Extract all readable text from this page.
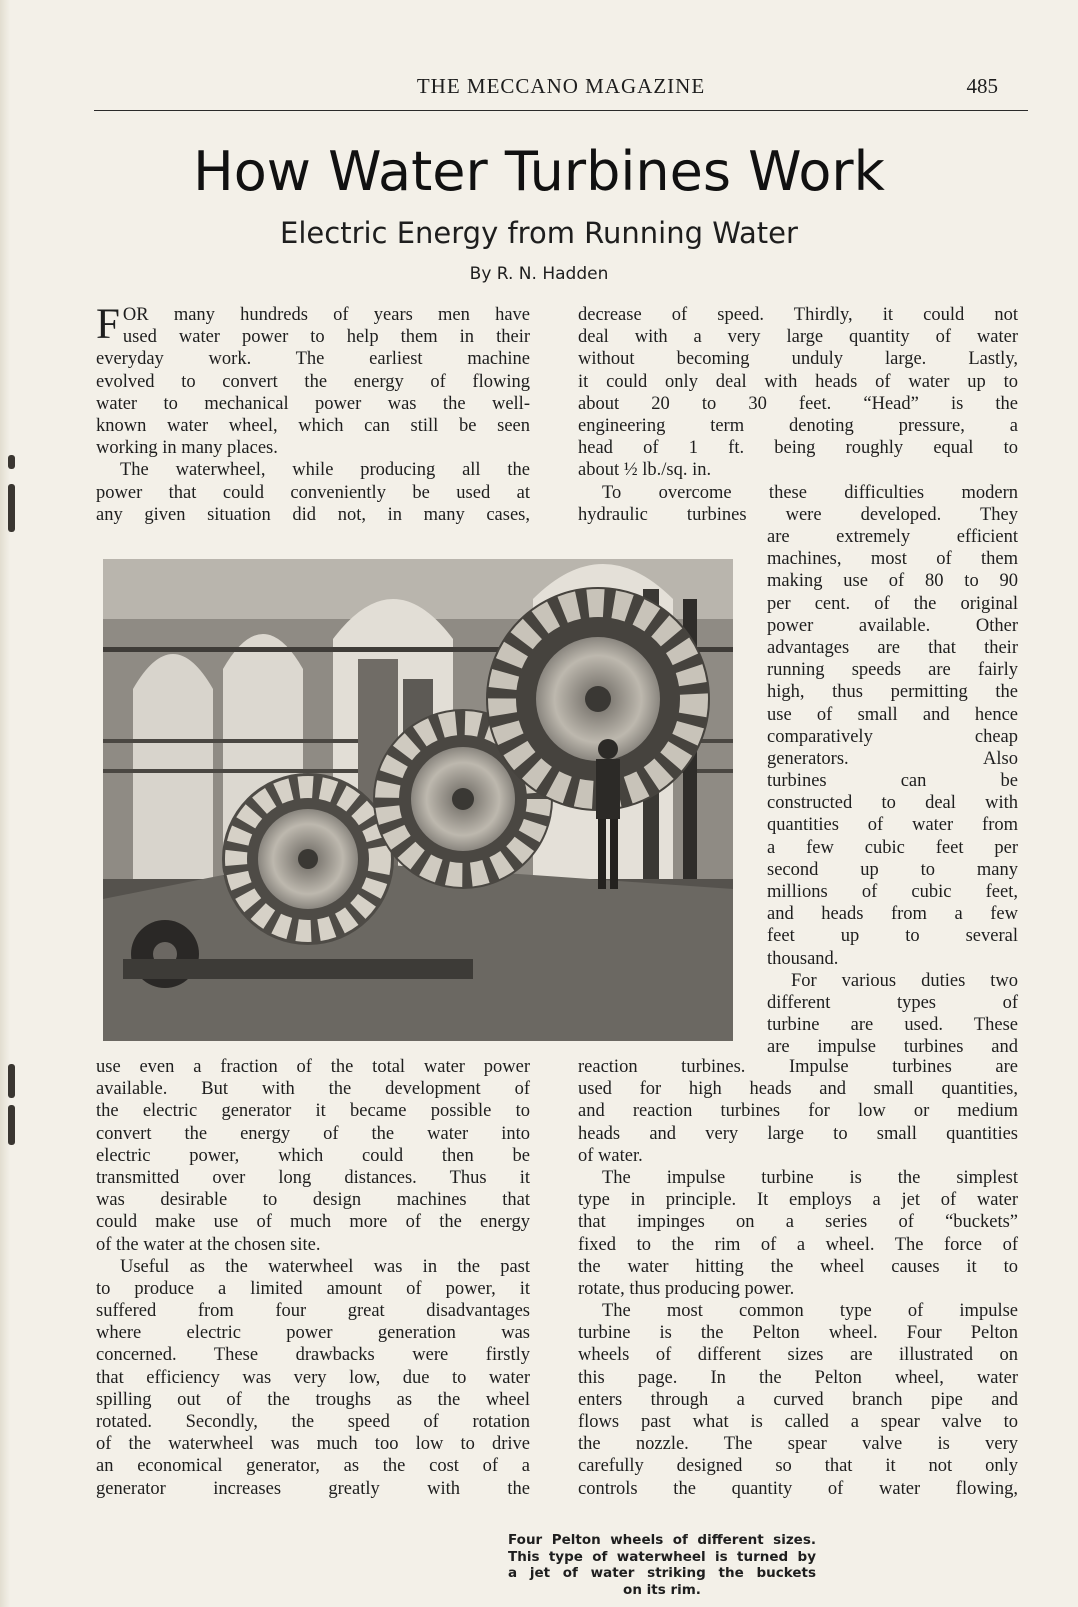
THE MECCANO MAGAZINE	485
How Water Turbines Work
Electric Energy from Running Water
By R. N. Hadden
F OR many hundreds of years men have
used water power to help them in their
everyday work. The earliest machine
evolved to convert the energy of flowing
water to mechanical power was the well-
known water wheel, which can still be seen
working in many places.
The waterwheel, while producing all the
power that could conveniently be used at
any given situation did not, in many cases,
decrease of speed. Thirdly, it could not
deal with a very large quantity of water
without becoming unduly large. Lastly,
it could only deal with heads of water up to
about 20 to 30 feet. “Head” is the
engineering term denoting pressure, a
head of 1 ft. being roughly equal to
about ½ lb./sq. in.
To overcome these difficulties modern
hydraulic turbines were developed. They
are extremely efficient
machines, most of them
making use of 80 to 90
per cent. of the original
power available. Other
advantages are that their
running speeds are fairly
high, thus permitting the
use of small and hence
comparatively cheap
generators. Also
turbines can be
constructed to deal with
quantities of water from
a few cubic feet per
second up to many
millions of cubic feet,
and heads from a few
feet up to several
thousand.
For various duties two
different types of
turbine are used. These
are impulse turbines and
Four Pelton wheels of different sizes.
This type of waterwheel is turned by
a jet of water striking the buckets
on its rim.
use even a fraction of the total water power
available. But with the development of
the electric generator it became possible to
convert the energy of the water into
electric power, which could then be
transmitted over long distances. Thus it
was desirable to design machines that
could make use of much more of the energy
of the water at the chosen site.
Useful as the waterwheel was in the past
to produce a limited amount of power, it
suffered from four great disadvantages
where electric power generation was
concerned. These drawbacks were firstly
that efficiency was very low, due to water
spilling out of the troughs as the wheel
rotated. Secondly, the speed of rotation
of the waterwheel was much too low to drive
an economical generator, as the cost of a
generator increases greatly with the
reaction turbines. Impulse turbines are
used for high heads and small quantities,
and reaction turbines for low or medium
heads and very large to small quantities
of water.
The impulse turbine is the simplest
type in principle. It employs a jet of water
that impinges on a series of “buckets”
fixed to the rim of a wheel. The force of
the water hitting the wheel causes it to
rotate, thus producing power.
The most common type of impulse
turbine is the Pelton wheel. Four Pelton
wheels of different sizes are illustrated on
this page. In the Pelton wheel, water
enters through a curved branch pipe and
flows past what is called a spear valve to
the nozzle. The spear valve is very
carefully designed so that it not only
controls the quantity of water flowing,
